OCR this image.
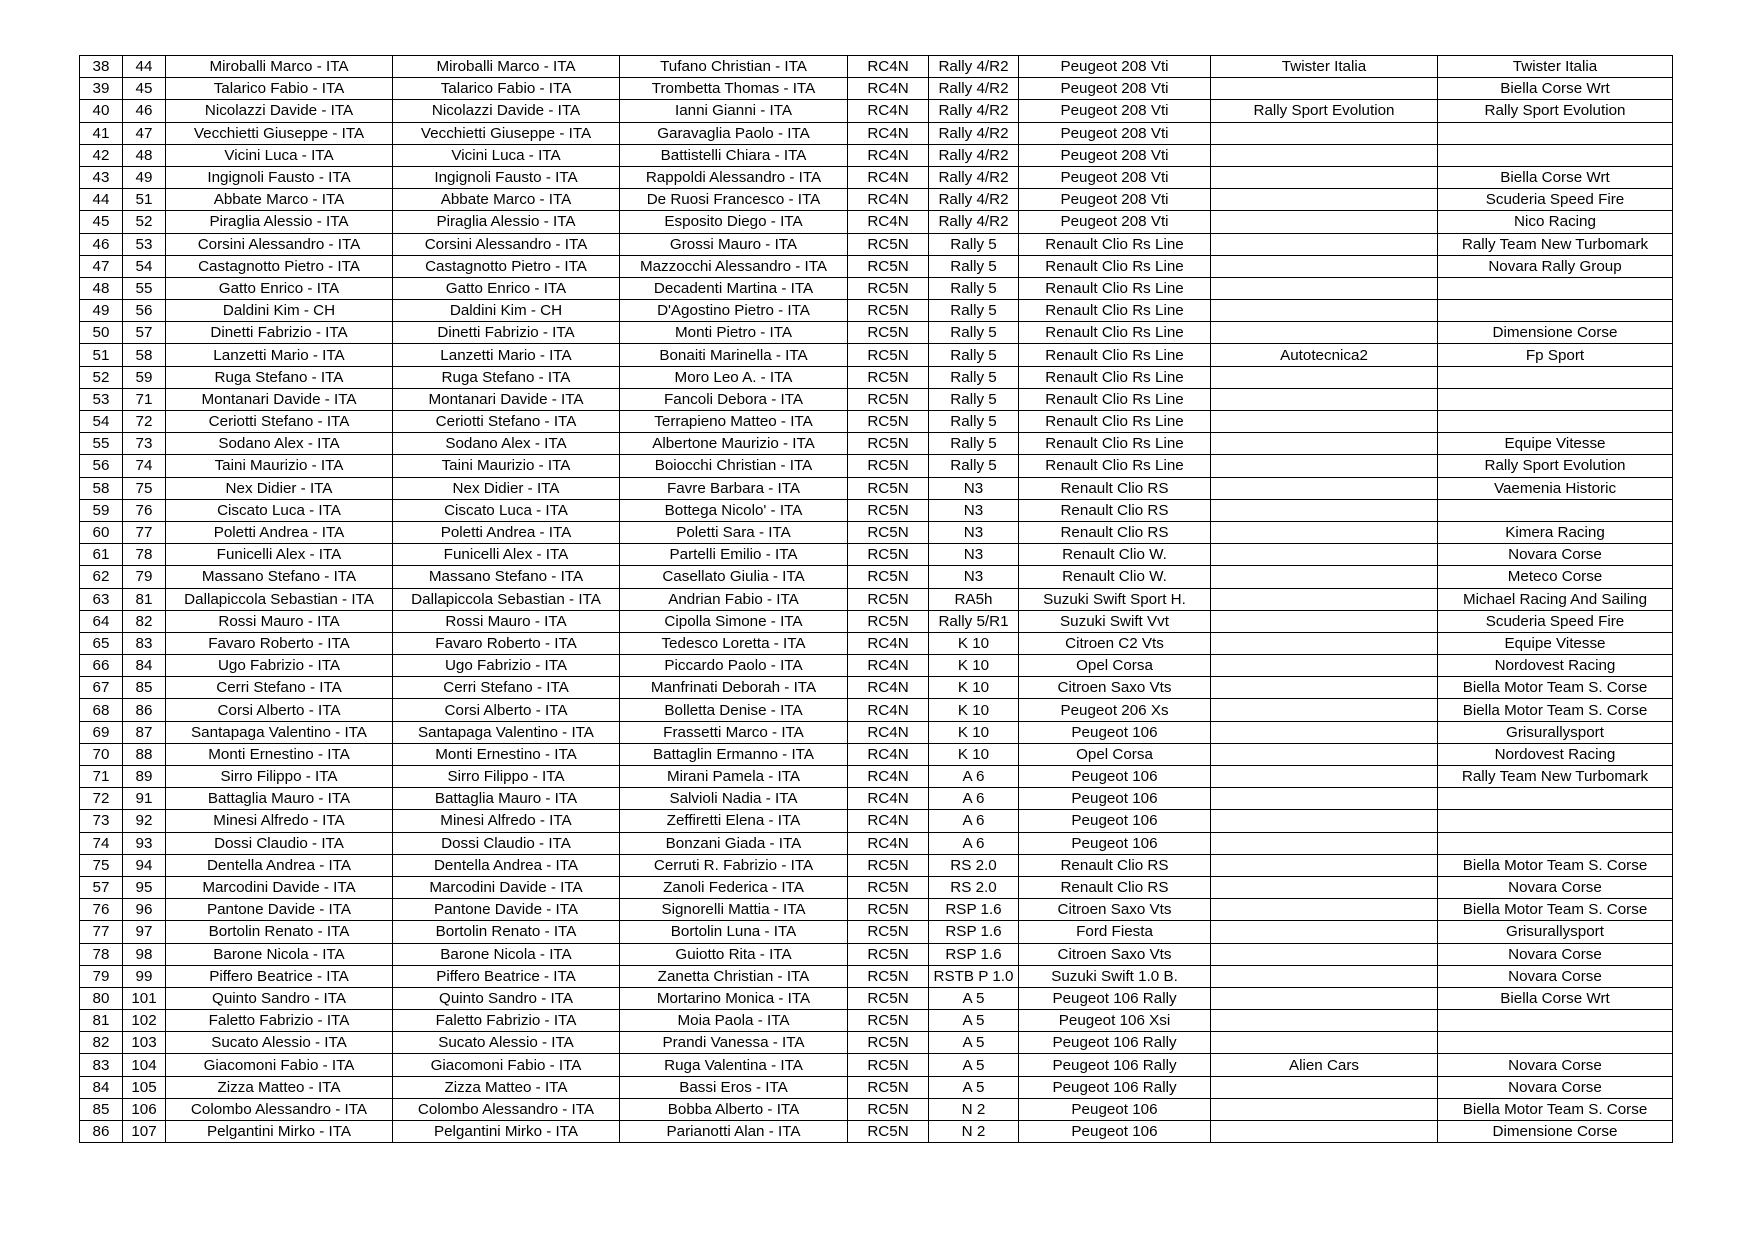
38	44	Miroballi Marco - ITA	Miroballi Marco - ITA	Tufano Christian - ITA	RC4N	Rally 4/R2	Peugeot 208 Vti	Twister Italia	Twister Italia
39	45	Talarico Fabio - ITA	Talarico Fabio - ITA	Trombetta Thomas - ITA	RC4N	Rally 4/R2	Peugeot 208 Vti		Biella Corse Wrt
40	46	Nicolazzi Davide - ITA	Nicolazzi Davide - ITA	Ianni Gianni - ITA	RC4N	Rally 4/R2	Peugeot 208 Vti	Rally Sport Evolution	Rally Sport Evolution
41	47	Vecchietti Giuseppe - ITA	Vecchietti Giuseppe - ITA	Garavaglia Paolo - ITA	RC4N	Rally 4/R2	Peugeot 208 Vti		
42	48	Vicini Luca - ITA	Vicini Luca - ITA	Battistelli Chiara - ITA	RC4N	Rally 4/R2	Peugeot 208 Vti		
43	49	Ingignoli Fausto - ITA	Ingignoli Fausto - ITA	Rappoldi Alessandro - ITA	RC4N	Rally 4/R2	Peugeot 208 Vti		Biella Corse Wrt
44	51	Abbate Marco - ITA	Abbate Marco - ITA	De Ruosi Francesco - ITA	RC4N	Rally 4/R2	Peugeot 208 Vti		Scuderia Speed Fire
45	52	Piraglia Alessio - ITA	Piraglia Alessio - ITA	Esposito Diego - ITA	RC4N	Rally 4/R2	Peugeot 208 Vti		Nico Racing
46	53	Corsini Alessandro - ITA	Corsini Alessandro - ITA	Grossi Mauro - ITA	RC5N	Rally 5	Renault Clio Rs Line		Rally Team New Turbomark
47	54	Castagnotto Pietro - ITA	Castagnotto Pietro - ITA	Mazzocchi Alessandro - ITA	RC5N	Rally 5	Renault Clio Rs Line		Novara Rally Group
48	55	Gatto Enrico - ITA	Gatto Enrico - ITA	Decadenti Martina - ITA	RC5N	Rally 5	Renault Clio Rs Line		
49	56	Daldini Kim - CH	Daldini Kim - CH	D'Agostino Pietro - ITA	RC5N	Rally 5	Renault Clio Rs Line		
50	57	Dinetti Fabrizio - ITA	Dinetti Fabrizio - ITA	Monti Pietro - ITA	RC5N	Rally 5	Renault Clio Rs Line		Dimensione Corse
51	58	Lanzetti Mario - ITA	Lanzetti Mario - ITA	Bonaiti Marinella - ITA	RC5N	Rally 5	Renault Clio Rs Line	Autotecnica2	Fp Sport
52	59	Ruga Stefano - ITA	Ruga Stefano - ITA	Moro Leo A. - ITA	RC5N	Rally 5	Renault Clio Rs Line		
53	71	Montanari Davide - ITA	Montanari Davide - ITA	Fancoli Debora - ITA	RC5N	Rally 5	Renault Clio Rs Line		
54	72	Ceriotti Stefano - ITA	Ceriotti Stefano - ITA	Terrapieno Matteo - ITA	RC5N	Rally 5	Renault Clio Rs Line		
55	73	Sodano Alex - ITA	Sodano Alex - ITA	Albertone Maurizio - ITA	RC5N	Rally 5	Renault Clio Rs Line		Equipe Vitesse
56	74	Taini Maurizio - ITA	Taini Maurizio - ITA	Boiocchi Christian - ITA	RC5N	Rally 5	Renault Clio Rs Line		Rally Sport Evolution
58	75	Nex Didier - ITA	Nex Didier - ITA	Favre Barbara - ITA	RC5N	N3	Renault Clio RS		Vaemenia Historic
59	76	Ciscato Luca - ITA	Ciscato Luca - ITA	Bottega Nicolo' - ITA	RC5N	N3	Renault Clio RS		
60	77	Poletti Andrea - ITA	Poletti Andrea - ITA	Poletti Sara - ITA	RC5N	N3	Renault Clio RS		Kimera Racing
61	78	Funicelli Alex - ITA	Funicelli Alex - ITA	Partelli Emilio - ITA	RC5N	N3	Renault Clio W.		Novara Corse
62	79	Massano Stefano - ITA	Massano Stefano - ITA	Casellato Giulia - ITA	RC5N	N3	Renault Clio W.		Meteco Corse
63	81	Dallapiccola Sebastian - ITA	Dallapiccola Sebastian - ITA	Andrian Fabio - ITA	RC5N	RA5h	Suzuki Swift Sport H.		Michael Racing And Sailing
64	82	Rossi Mauro - ITA	Rossi Mauro - ITA	Cipolla Simone - ITA	RC5N	Rally 5/R1	Suzuki Swift Vvt		Scuderia Speed Fire
65	83	Favaro Roberto - ITA	Favaro Roberto - ITA	Tedesco Loretta - ITA	RC4N	K 10	Citroen C2 Vts		Equipe Vitesse
66	84	Ugo Fabrizio - ITA	Ugo Fabrizio - ITA	Piccardo Paolo - ITA	RC4N	K 10	Opel Corsa		Nordovest Racing
67	85	Cerri Stefano - ITA	Cerri Stefano - ITA	Manfrinati Deborah - ITA	RC4N	K 10	Citroen Saxo Vts		Biella Motor Team S. Corse
68	86	Corsi Alberto - ITA	Corsi Alberto - ITA	Bolletta Denise - ITA	RC4N	K 10	Peugeot 206 Xs		Biella Motor Team S. Corse
69	87	Santapaga Valentino - ITA	Santapaga Valentino - ITA	Frassetti Marco - ITA	RC4N	K 10	Peugeot 106		Grisurallysport
70	88	Monti Ernestino - ITA	Monti Ernestino - ITA	Battaglin Ermanno - ITA	RC4N	K 10	Opel Corsa		Nordovest Racing
71	89	Sirro Filippo - ITA	Sirro Filippo - ITA	Mirani Pamela - ITA	RC4N	A 6	Peugeot 106		Rally Team New Turbomark
72	91	Battaglia Mauro - ITA	Battaglia Mauro - ITA	Salvioli Nadia - ITA	RC4N	A 6	Peugeot 106		
73	92	Minesi Alfredo - ITA	Minesi Alfredo - ITA	Zeffiretti Elena - ITA	RC4N	A 6	Peugeot 106		
74	93	Dossi Claudio - ITA	Dossi Claudio - ITA	Bonzani Giada - ITA	RC4N	A 6	Peugeot 106		
75	94	Dentella Andrea - ITA	Dentella Andrea - ITA	Cerruti R. Fabrizio - ITA	RC5N	RS 2.0	Renault Clio RS		Biella Motor Team S. Corse
57	95	Marcodini Davide - ITA	Marcodini Davide - ITA	Zanoli Federica - ITA	RC5N	RS 2.0	Renault Clio RS		Novara Corse
76	96	Pantone Davide - ITA	Pantone Davide - ITA	Signorelli Mattia - ITA	RC5N	RSP 1.6	Citroen Saxo Vts		Biella Motor Team S. Corse
77	97	Bortolin Renato - ITA	Bortolin Renato - ITA	Bortolin Luna - ITA	RC5N	RSP 1.6	Ford Fiesta		Grisurallysport
78	98	Barone Nicola - ITA	Barone Nicola - ITA	Guiotto Rita - ITA	RC5N	RSP 1.6	Citroen Saxo Vts		Novara Corse
79	99	Piffero Beatrice - ITA	Piffero Beatrice - ITA	Zanetta Christian - ITA	RC5N	RSTB P 1.0	Suzuki Swift 1.0 B.		Novara Corse
80	101	Quinto Sandro - ITA	Quinto Sandro - ITA	Mortarino Monica - ITA	RC5N	A 5	Peugeot 106 Rally		Biella Corse Wrt
81	102	Faletto Fabrizio - ITA	Faletto Fabrizio - ITA	Moia Paola - ITA	RC5N	A 5	Peugeot 106 Xsi		
82	103	Sucato Alessio - ITA	Sucato Alessio - ITA	Prandi Vanessa - ITA	RC5N	A 5	Peugeot 106 Rally		
83	104	Giacomoni Fabio - ITA	Giacomoni Fabio - ITA	Ruga Valentina - ITA	RC5N	A 5	Peugeot 106 Rally	Alien Cars	Novara Corse
84	105	Zizza Matteo - ITA	Zizza Matteo - ITA	Bassi Eros - ITA	RC5N	A 5	Peugeot 106 Rally		Novara Corse
85	106	Colombo Alessandro - ITA	Colombo Alessandro - ITA	Bobba Alberto - ITA	RC5N	N 2	Peugeot 106		Biella Motor Team S. Corse
86	107	Pelgantini Mirko - ITA	Pelgantini Mirko - ITA	Parianotti Alan - ITA	RC5N	N 2	Peugeot 106		Dimensione Corse
